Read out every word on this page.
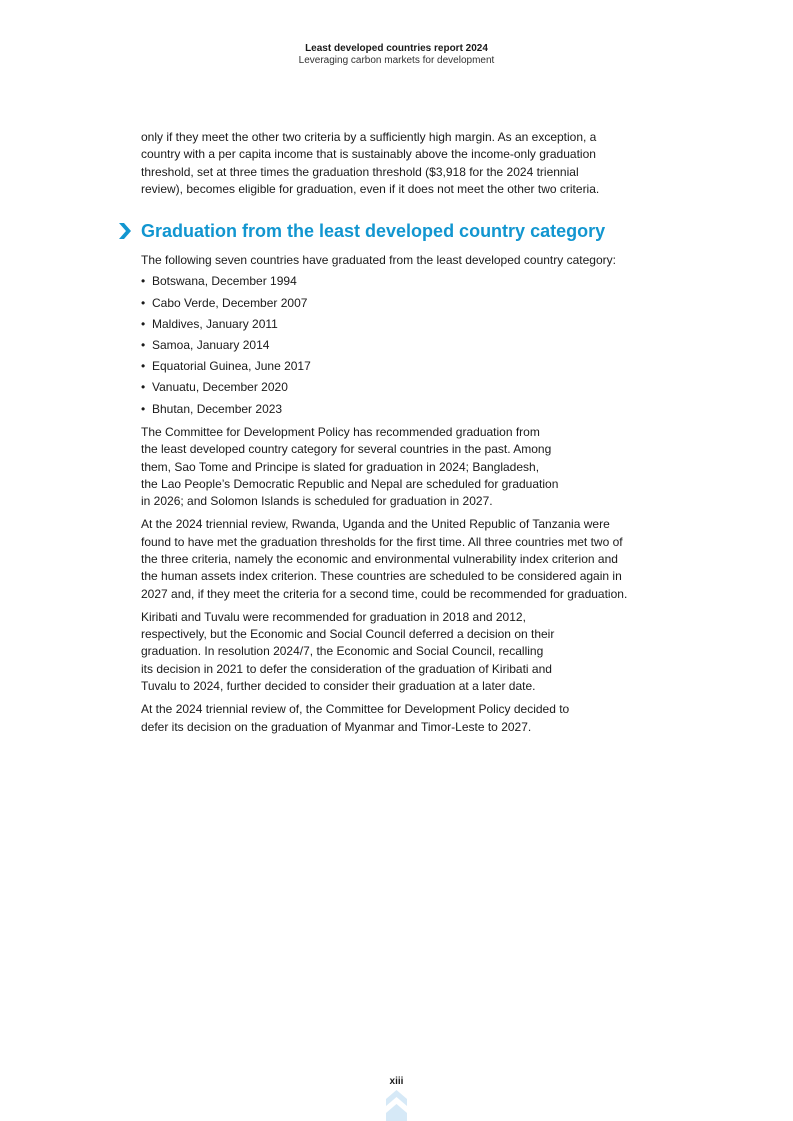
Least developed countries report 2024
Leveraging carbon markets for development

only if they meet the other two criteria by a sufficiently high margin. As an exception, a
country with a per capita income that is sustainably above the income-only graduation
threshold, set at three times the graduation threshold ($3,918 for the 2024 triennial
review), becomes eligible for graduation, even if it does not meet the other two criteria.

Graduation from the least developed country category

The following seven countries have graduated from the least developed country category:

• Botswana, December 1994
• Cabo Verde, December 2007
• Maldives, January 2011
• Samoa, January 2014
• Equatorial Guinea, June 2017
• Vanuatu, December 2020
• Bhutan, December 2023

The Committee for Development Policy has recommended graduation from
the least developed country category for several countries in the past. Among
them, Sao Tome and Principe is slated for graduation in 2024; Bangladesh,
the Lao People’s Democratic Republic and Nepal are scheduled for graduation
in 2026; and Solomon Islands is scheduled for graduation in 2027.

At the 2024 triennial review, Rwanda, Uganda and the United Republic of Tanzania were
found to have met the graduation thresholds for the first time. All three countries met two of
the three criteria, namely the economic and environmental vulnerability index criterion and
the human assets index criterion. These countries are scheduled to be considered again in
2027 and, if they meet the criteria for a second time, could be recommended for graduation.

Kiribati and Tuvalu were recommended for graduation in 2018 and 2012,
respectively, but the Economic and Social Council deferred a decision on their
graduation. In resolution 2024/7, the Economic and Social Council, recalling
its decision in 2021 to defer the consideration of the graduation of Kiribati and
Tuvalu to 2024, further decided to consider their graduation at a later date.

At the 2024 triennial review of, the Committee for Development Policy decided to
defer its decision on the graduation of Myanmar and Timor-Leste to 2027.

xiii
